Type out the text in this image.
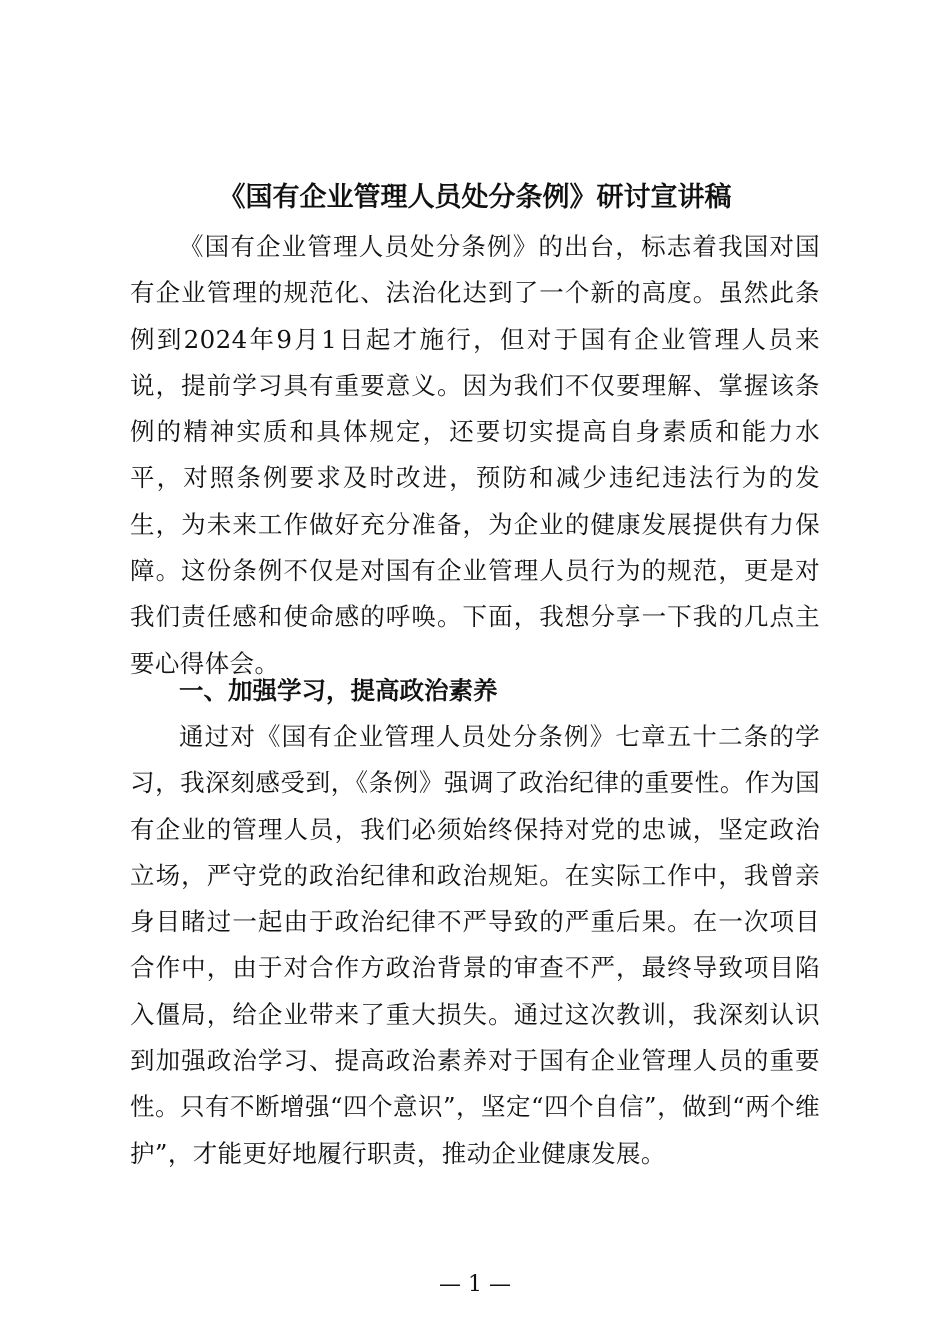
《国有企业管理人员处分条例》研讨宣讲稿

《国有企业管理人员处分条例》的出台，标志着我国对国有企业管理的规范化、法治化达到了一个新的高度。虽然此条例到2024年9月1日起才施行，但对于国有企业管理人员来说，提前学习具有重要意义。因为我们不仅要理解、掌握该条例的精神实质和具体规定，还要切实提高自身素质和能力水平，对照条例要求及时改进，预防和减少违纪违法行为的发生，为未来工作做好充分准备，为企业的健康发展提供有力保障。这份条例不仅是对国有企业管理人员行为的规范，更是对我们责任感和使命感的呼唤。下面，我想分享一下我的几点主要心得体会。

一、加强学习，提高政治素养

通过对《国有企业管理人员处分条例》七章五十二条的学习，我深刻感受到，《条例》强调了政治纪律的重要性。作为国有企业的管理人员，我们必须始终保持对党的忠诚，坚定政治立场，严守党的政治纪律和政治规矩。在实际工作中，我曾亲身目睹过一起由于政治纪律不严导致的严重后果。在一次项目合作中，由于对合作方政治背景的审查不严，最终导致项目陷入僵局，给企业带来了重大损失。通过这次教训，我深刻认识到加强政治学习、提高政治素养对于国有企业管理人员的重要性。只有不断增强“四个意识”，坚定“四个自信”，做到“两个维护”，才能更好地履行职责，推动企业健康发展。

— 1 —
